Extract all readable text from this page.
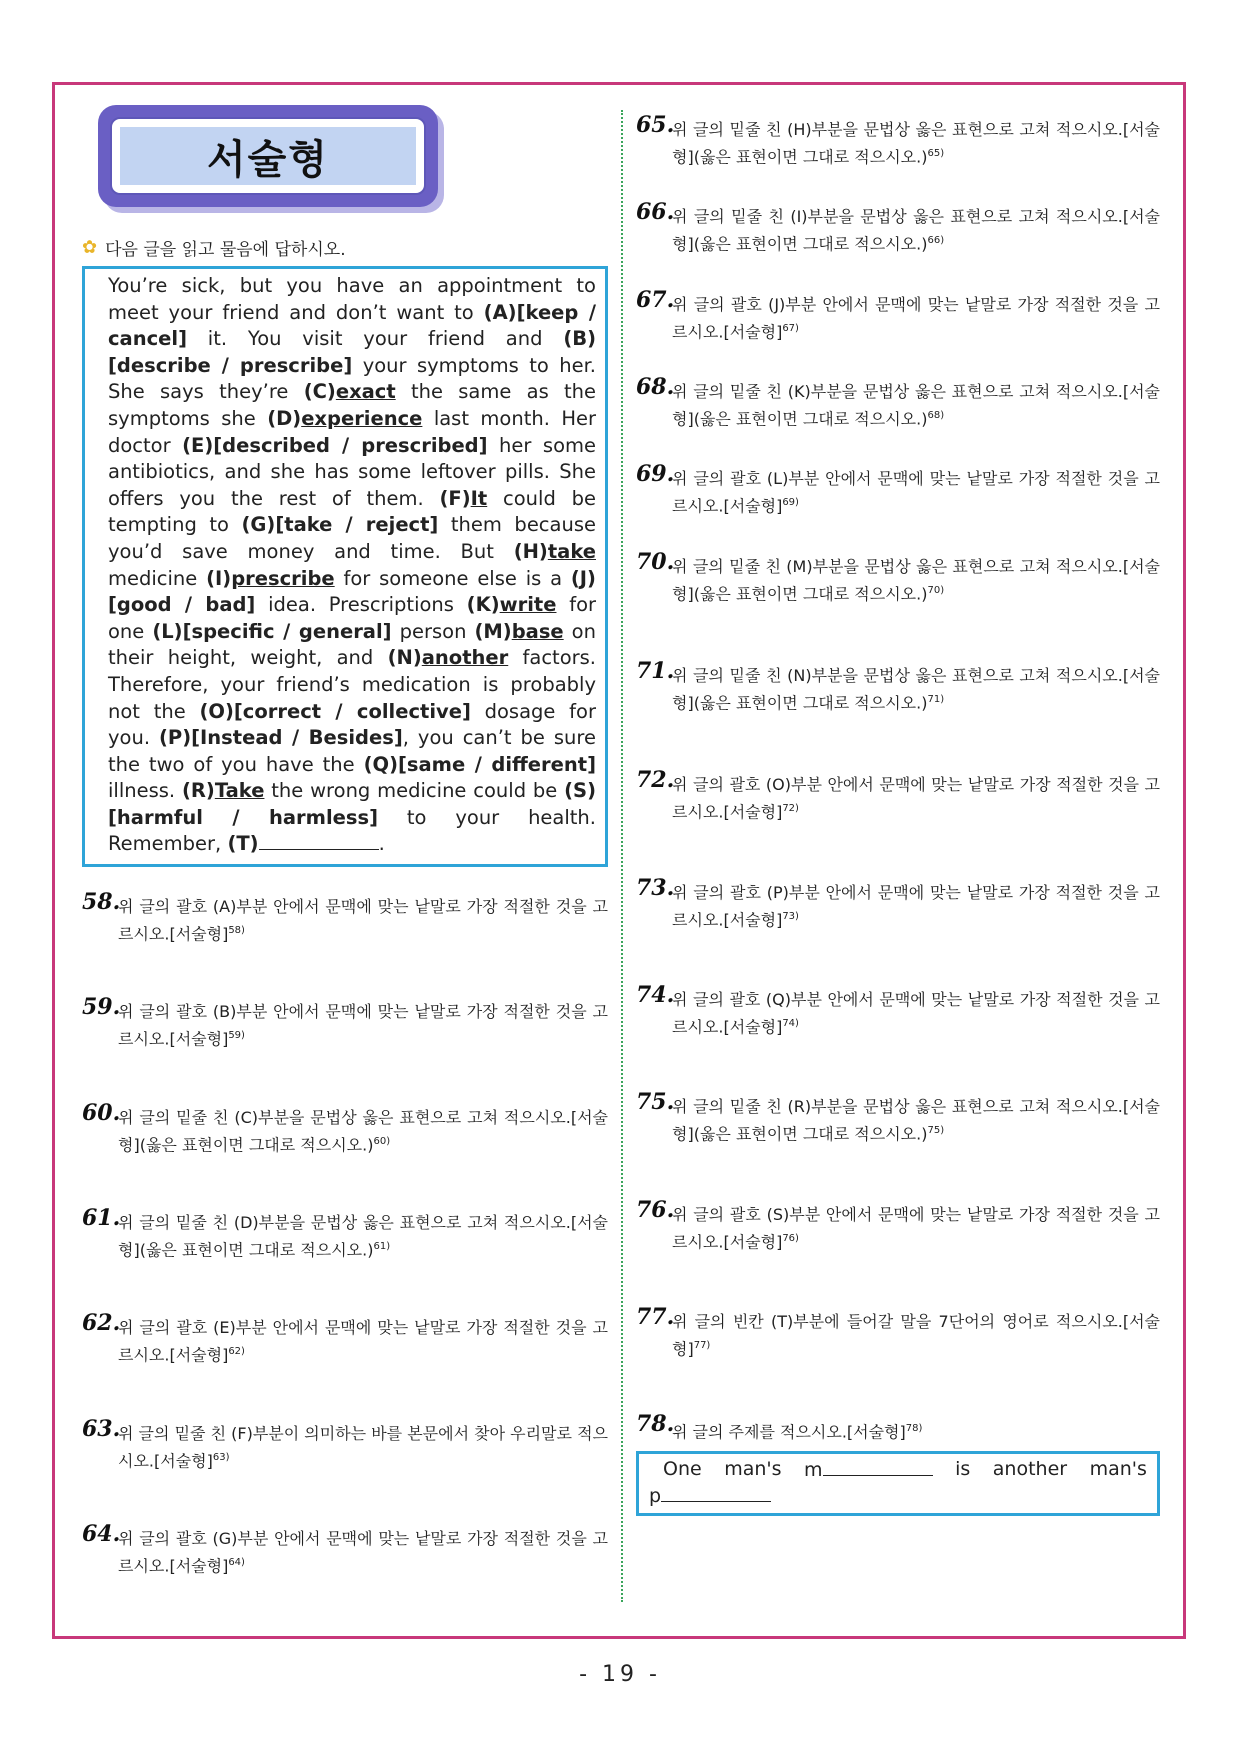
서술형
✿ 다음 글을 읽고 물음에 답하시오.
You’re sick, but you have an appointment to meet your friend and don’t want to (A)[keep / cancel] it. You visit your friend and (B)[describe / prescribe] your symptoms to her. She says they’re (C)exact the same as the symptoms she (D)experience last month. Her doctor (E)[described / prescribed] her some antibiotics, and she has some leftover pills. She offers you the rest of them. (F)It could be tempting to (G)[take / reject] them because you’d save money and time. But (H)take medicine (I)prescribe for someone else is a (J)[good / bad] idea. Prescriptions (K)write for one (L)[specific / general] person (M)base on their height, weight, and (N)another factors. Therefore, your friend’s medication is probably not the (O)[correct / collective] dosage for you. (P)[Instead / Besides], you can’t be sure the two of you have the (Q)[same / different] illness. (R)Take the wrong medicine could be (S)[harmful / harmless] to your health. Remember, (T)	.
58.
위 글의 괄호 (A)부분 안에서 문맥에 맞는 낱말로 가장 적절한 것을 고르시오.[서술형]$^{58)}$
59.
위 글의 괄호 (B)부분 안에서 문맥에 맞는 낱말로 가장 적절한 것을 고르시오.[서술형]$^{59)}$
60.
위 글의 밑줄 친 (C)부분을 문법상 옳은 표현으로 고쳐 적으시오.[서술형](옳은 표현이면 그대로 적으시오.)$^{60)}$
61.
위 글의 밑줄 친 (D)부분을 문법상 옳은 표현으로 고쳐 적으시오.[서술형](옳은 표현이면 그대로 적으시오.)$^{61)}$
62.
위 글의 괄호 (E)부분 안에서 문맥에 맞는 낱말로 가장 적절한 것을 고르시오.[서술형]$^{62)}$
63.
위 글의 밑줄 친 (F)부분이 의미하는 바를 본문에서 찾아 우리말로 적으시오.[서술형]$^{63)}$
64.
위 글의 괄호 (G)부분 안에서 문맥에 맞는 낱말로 가장 적절한 것을 고르시오.[서술형]$^{64)}$
65.
위 글의 밑줄 친 (H)부분을 문법상 옳은 표현으로 고쳐 적으시오.[서술형](옳은 표현이면 그대로 적으시오.)$^{65)}$
66.
위 글의 밑줄 친 (I)부분을 문법상 옳은 표현으로 고쳐 적으시오.[서술형](옳은 표현이면 그대로 적으시오.)$^{66)}$
67.
위 글의 괄호 (J)부분 안에서 문맥에 맞는 낱말로 가장 적절한 것을 고르시오.[서술형]$^{67)}$
68.
위 글의 밑줄 친 (K)부분을 문법상 옳은 표현으로 고쳐 적으시오.[서술형](옳은 표현이면 그대로 적으시오.)$^{68)}$
69.
위 글의 괄호 (L)부분 안에서 문맥에 맞는 낱말로 가장 적절한 것을 고르시오.[서술형]$^{69)}$
70.
위 글의 밑줄 친 (M)부분을 문법상 옳은 표현으로 고쳐 적으시오.[서술형](옳은 표현이면 그대로 적으시오.)$^{70)}$
71.
위 글의 밑줄 친 (N)부분을 문법상 옳은 표현으로 고쳐 적으시오.[서술형](옳은 표현이면 그대로 적으시오.)$^{71)}$
72.
위 글의 괄호 (O)부분 안에서 문맥에 맞는 낱말로 가장 적절한 것을 고르시오.[서술형]$^{72)}$
73.
위 글의 괄호 (P)부분 안에서 문맥에 맞는 낱말로 가장 적절한 것을 고르시오.[서술형]$^{73)}$
74.
위 글의 괄호 (Q)부분 안에서 문맥에 맞는 낱말로 가장 적절한 것을 고르시오.[서술형]$^{74)}$
75.
위 글의 밑줄 친 (R)부분을 문법상 옳은 표현으로 고쳐 적으시오.[서술형](옳은 표현이면 그대로 적으시오.)$^{75)}$
76.
위 글의 괄호 (S)부분 안에서 문맥에 맞는 낱말로 가장 적절한 것을 고르시오.[서술형]$^{76)}$
77.
위 글의 빈칸 (T)부분에 들어갈 말을 7단어의 영어로 적으시오.[서술형]$^{77)}$
78.
위 글의 주제를 적으시오.[서술형]$^{78)}$
One man's m	is another man's
p
- 19 -
